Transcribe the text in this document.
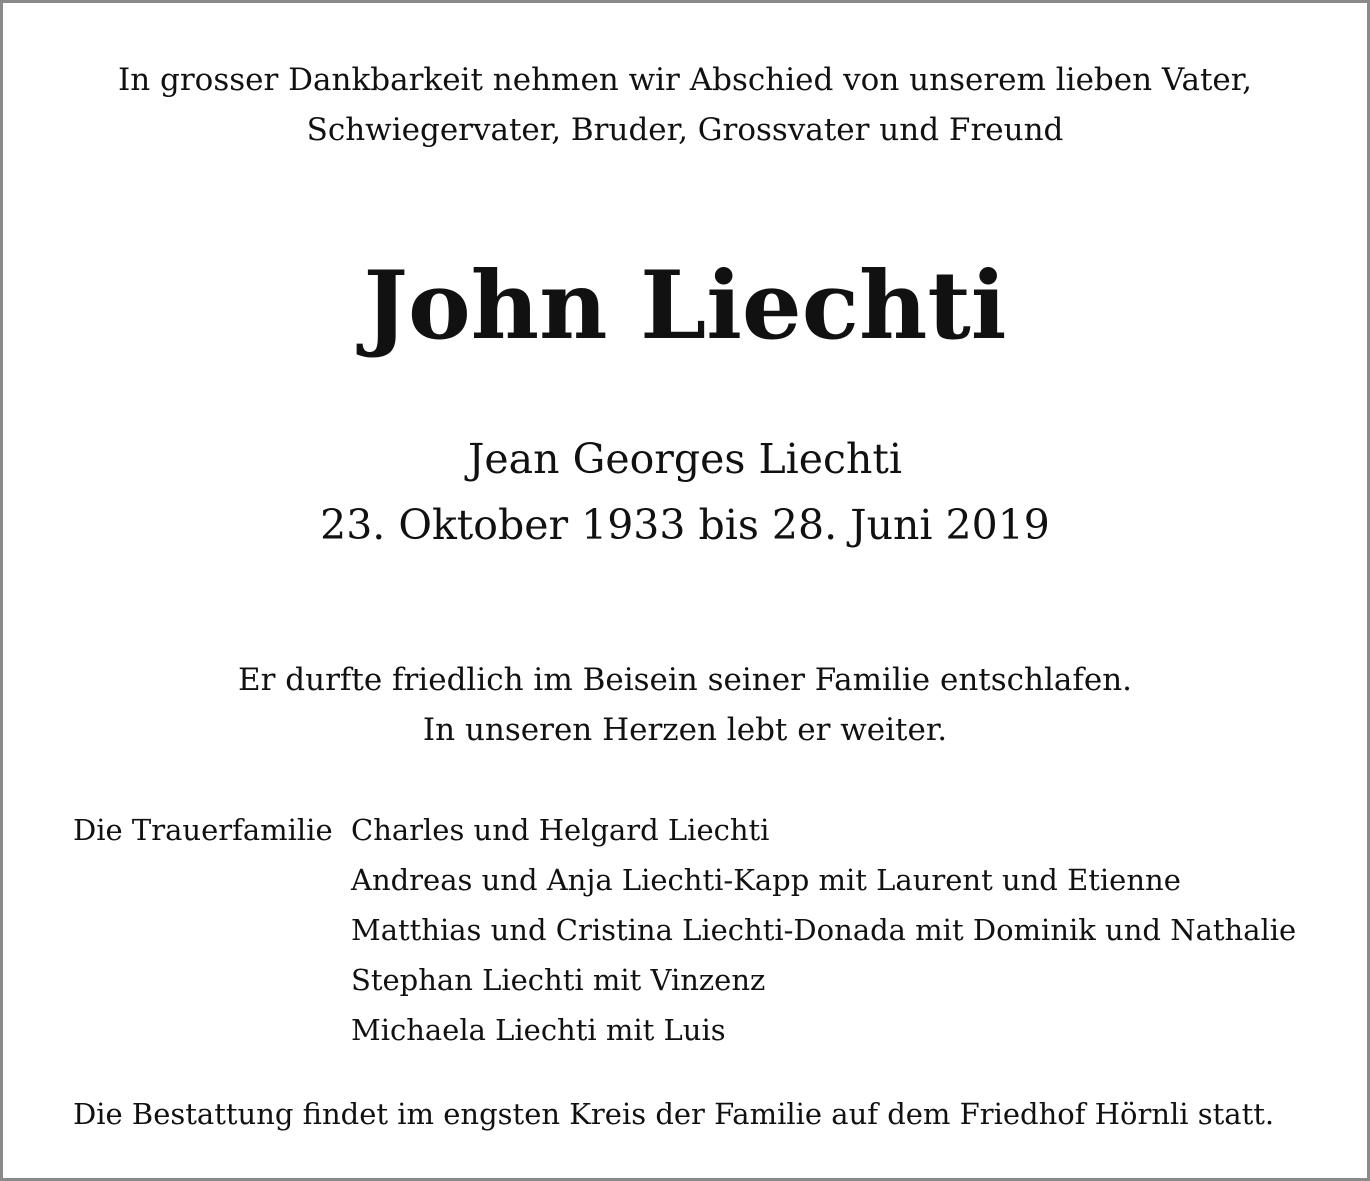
In grosser Dankbarkeit nehmen wir Abschied von unserem lieben Vater,
Schwiegervater, Bruder, Grossvater und Freund
John Liechti
Jean Georges Liechti
23. Oktober 1933 bis 28. Juni 2019
Er durfte friedlich im Beisein seiner Familie entschlafen.
In unseren Herzen lebt er weiter.
Die Trauerfamilie Charles und Helgard Liechti
Andreas und Anja Liechti-Kapp mit Laurent und Etienne
Matthias und Cristina Liechti-Donada mit Dominik und Nathalie
Stephan Liechti mit Vinzenz
Michaela Liechti mit Luis
Die Bestattung findet im engsten Kreis der Familie auf dem Friedhof Hörnli statt.
